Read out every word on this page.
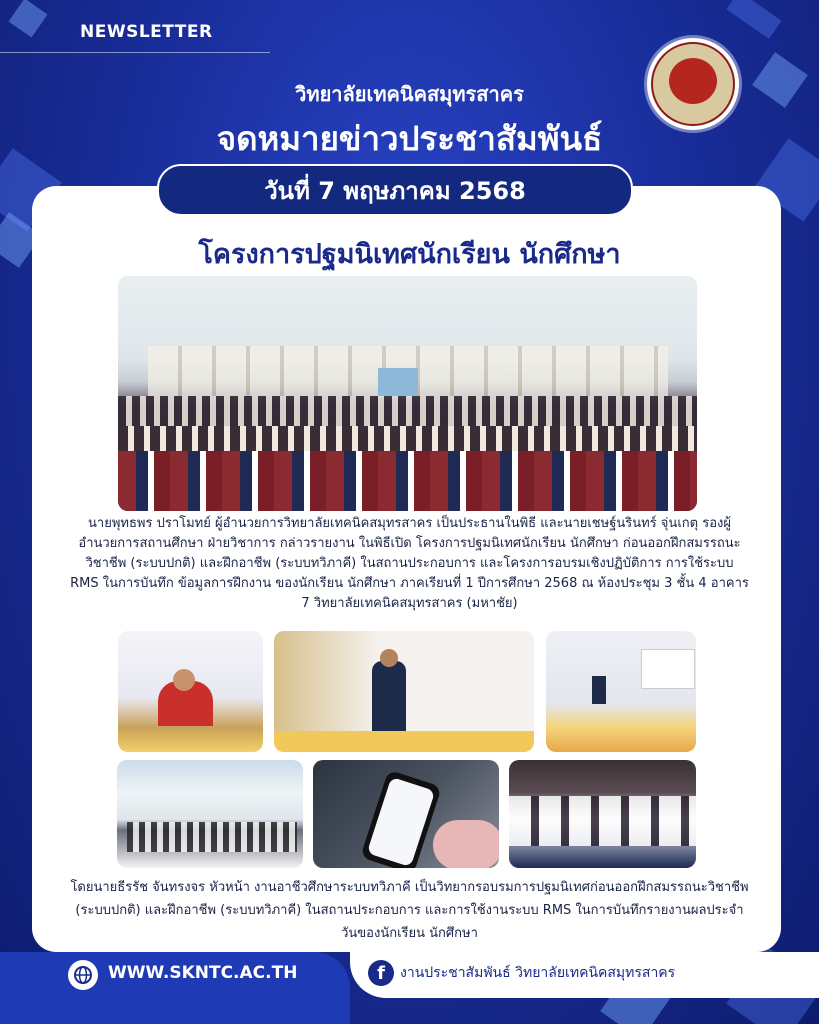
NEWSLETTER
วิทยาลัยเทคนิคสมุทรสาคร
จดหมายข่าวประชาสัมพันธ์
วันที่ 7 พฤษภาคม 2568
โครงการปฐมนิเทศนักเรียน นักศึกษา
นายพุทธพร ปราโมทย์ ผู้อำนวยการวิทยาลัยเทคนิคสมุทรสาคร เป็นประธานในพิธี และนายเชษฐ์นรินทร์ จุ่นเกตุ รองผู้อำนวยการสถานศึกษา ฝ่ายวิชาการ กล่าวรายงาน ในพิธีเปิด โครงการปฐมนิเทศนักเรียน นักศึกษา ก่อนออกฝึกสมรรถนะวิชาชีพ (ระบบปกติ) และฝึกอาชีพ (ระบบทวิภาคี) ในสถานประกอบการ และโครงการอบรมเชิงปฏิบัติการ การใช้ระบบ RMS ในการบันทึก ข้อมูลการฝึกงาน ของนักเรียน นักศึกษา ภาคเรียนที่ 1 ปีการศึกษา 2568 ณ ห้องประชุม 3 ชั้น 4 อาคาร 7 วิทยาลัยเทคนิคสมุทรสาคร (มหาชัย)
โดยนายธีรรัช จันทรงจร หัวหน้า งานอาชีวศึกษาระบบทวิภาคี เป็นวิทยากรอบรมการปฐมนิเทศก่อนออกฝึกสมรรถนะวิชาชีพ (ระบบปกติ) และฝึกอาชีพ (ระบบทวิภาคี) ในสถานประกอบการ และการใช้งานระบบ RMS ในการบันทึกรายงานผลประจำวันของนักเรียน นักศึกษา
WWW.SKNTC.AC.TH	f	งานประชาสัมพันธ์ วิทยาลัยเทคนิคสมุทรสาคร
